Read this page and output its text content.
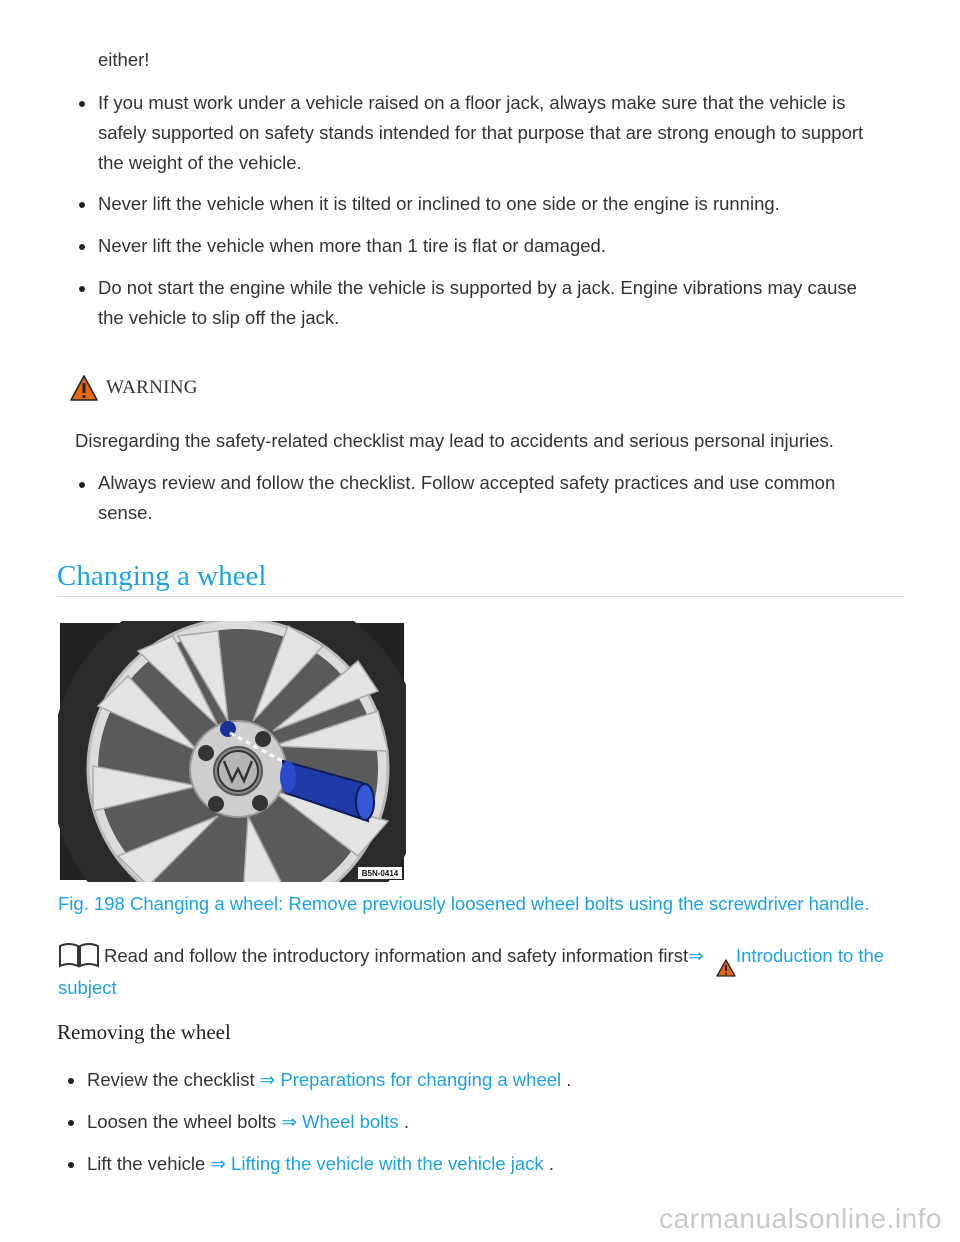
either!
If you must work under a vehicle raised on a floor jack, always make sure that the vehicle is
safely supported on safety stands intended for that purpose that are strong enough to support
the weight of the vehicle.
Never lift the vehicle when it is tilted or inclined to one side or the engine is running.
Never lift the vehicle when more than 1 tire is flat or damaged.
Do not start the engine while the vehicle is supported by a jack. Engine vibrations may cause
the vehicle to slip off the jack.
WARNING
Disregarding the safety-related checklist may lead to accidents and serious personal injuries.
Always review and follow the checklist. Follow accepted safety practices and use common
sense.
Changing a wheel
B5N-0414
Fig. 198 Changing a wheel: Remove previously loosened wheel bolts using the screwdriver handle.
Read and follow the introductory information and safety information first⇒ Introduction to the
subject
Removing the wheel
Review the checklist ⇒ Preparations for changing a wheel .
Loosen the wheel bolts ⇒ Wheel bolts .
Lift the vehicle ⇒ Lifting the vehicle with the vehicle jack .
carmanualsonline.info
